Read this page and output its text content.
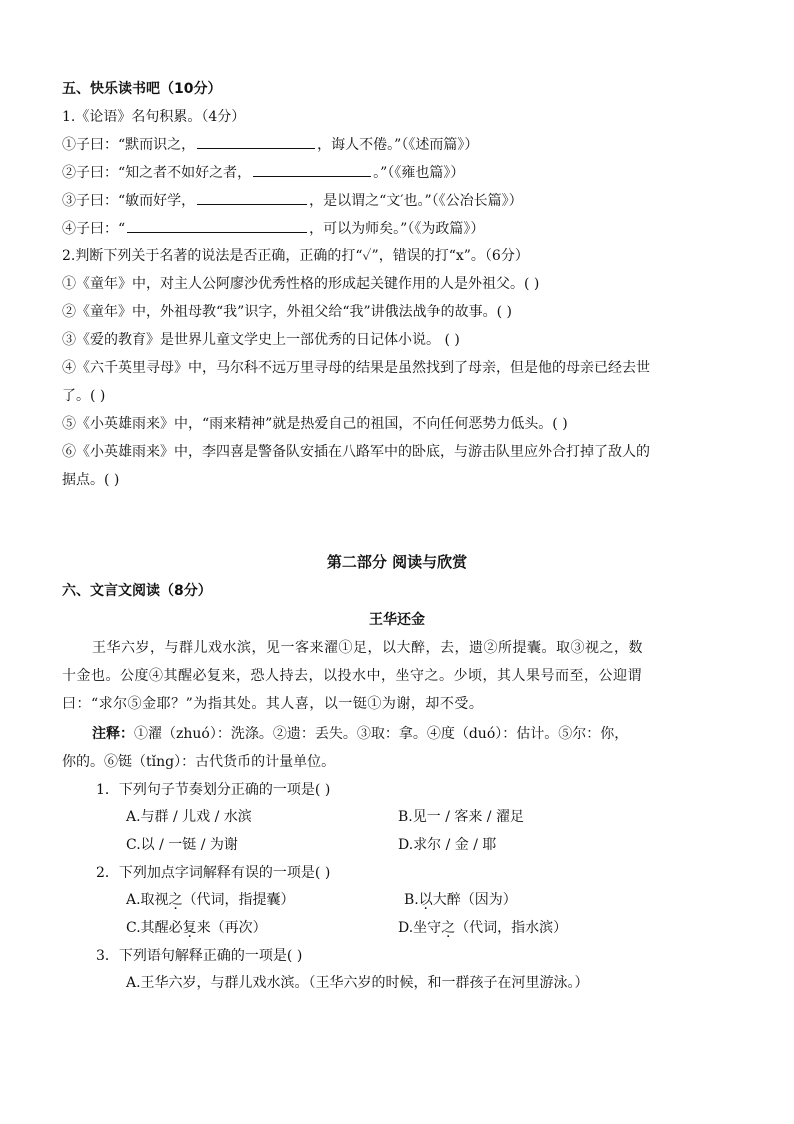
五、快乐读书吧（10分）
1.《论语》名句积累。（4分）
①子曰：“默而识之，	，诲人不倦。”（《述而篇》）
②子曰：“知之者不如好之者，	。”（《雍也篇》）
③子曰：“敏而好学，	，是以谓之“文′也。”（《公冶长篇》）
④子曰：“	，可以为师矣。”（《为政篇》）
2.判断下列关于名著的说法是否正确，正确的打“✓”，错误的打“x”。（6分）
①《童年》中，对主人公阿廖沙优秀性格的形成起关键作用的人是外祖父。( )
②《童年》中，外祖母教“我”识字，外祖父给“我”讲俄法战争的故事。( )
③《爱的教育》是世界儿童文学史上一部优秀的日记体小说。 ( )
④《六千英里寻母》中，马尔科不远万里寻母的结果是虽然找到了母亲，但是他的母亲已经去世
了。( )
⑤《小英雄雨来》中，“雨来精神”就是热爱自己的祖国，不向任何恶势力低头。( )
⑥《小英雄雨来》中，李四喜是警备队安插在八路军中的卧底，与游击队里应外合打掉了敌人的
据点。( )
第二部分 阅读与欣赏
六、文言文阅读（8分）
王华还金
王华六岁，与群儿戏水滨，见一客来濯①足，以大醉，去，遗②所提囊。取③视之，数
十金也。公度④其醒必复来，恐人持去，以投水中，坐守之。少顷，其人果号而至，公迎谓
曰：“求尔⑤金耶？”为指其处。其人喜，以一铤①为谢，却不受。
注释：①濯（zhuó）：洗涤。②遗：丢失。③取：拿。④度（duó）：估计。⑤尔：你，
你的。⑥铤（tǐng）：古代货币的计量单位。
1．下列句子节奏划分正确的一项是( )
A.与群 / 儿戏 / 水滨	B.见一 / 客来 / 濯足
C.以 / 一铤 / 为谢	D.求尔 / 金 / 耶
2．下列加点字词解释有误的一项是( )
A.取视之（代词，指提囊）	B.以大醉（因为）
C.其醒必复来（再次）	D.坐守之（代词，指水滨）
3．下列语句解释正确的一项是( )
A.王华六岁，与群儿戏水滨。（王华六岁的时候，和一群孩子在河里游泳。）
